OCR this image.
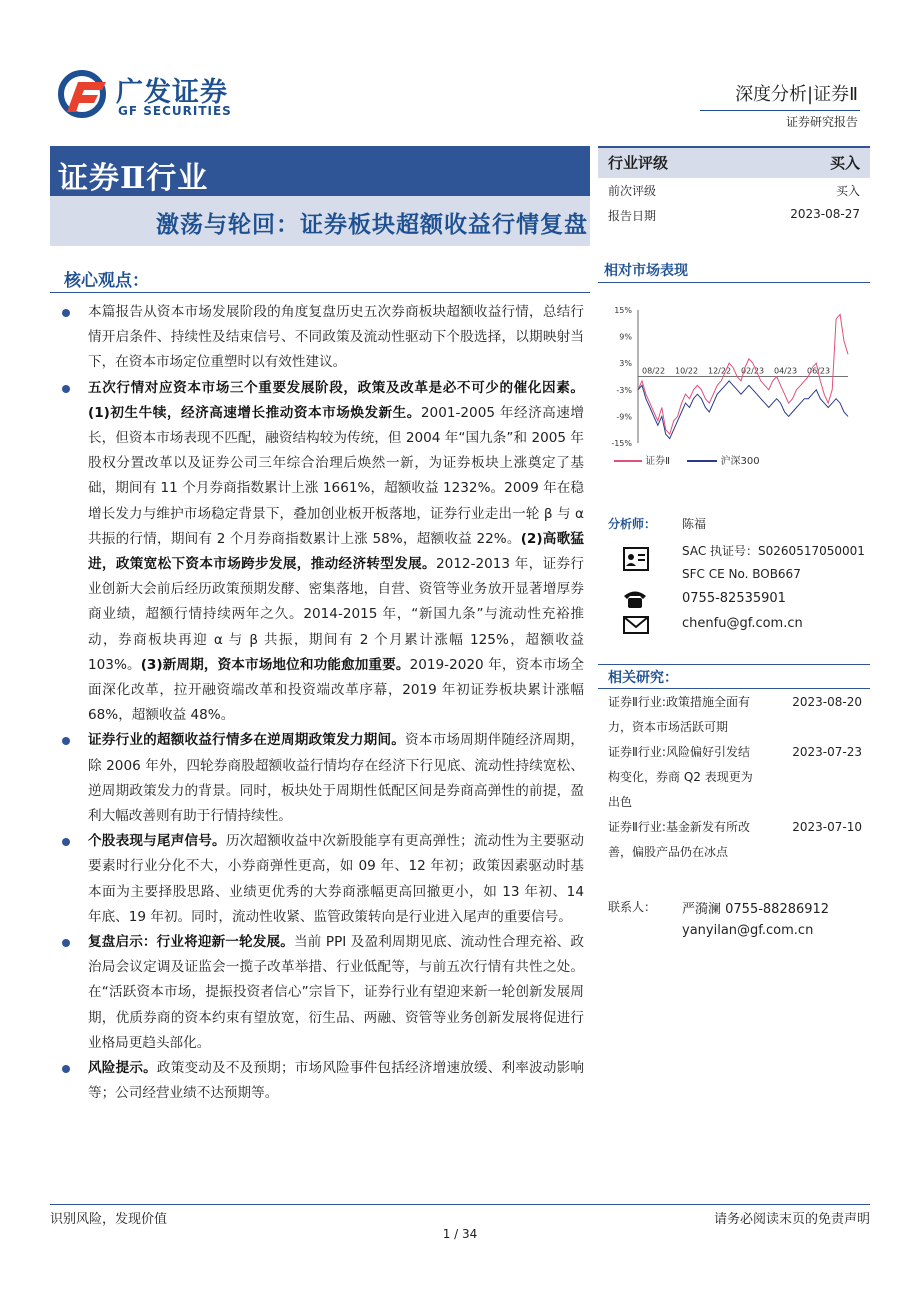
广发证券
GF SECURITIES
深度分析|证券Ⅱ
证券研究报告
证券Ⅱ行业
激荡与轮回：证券板块超额收益行情复盘
行业评级	买入
前次评级	买入
报告日期	2023-08-27
相对市场表现
15%
9%
3%
-3%
-9%
-15%
08/22 10/22 12/22 02/23 04/23 06/23
证券Ⅱ	沪深300
分析师： 陈福
SAC 执证号：S0260517050001
SFC CE No. BOB667
0755-82535901
chenfu@gf.com.cn
相关研究：
证券Ⅱ行业:政策措施全面有
力，资本市场活跃可期
2023-08-20
证券Ⅱ行业:风险偏好引发结
构变化，券商 Q2 表现更为
出色
2023-07-23
证券Ⅱ行业:基金新发有所改
善，偏股产品仍在冰点
2023-07-10
联系人： 严漪澜 0755-88286912
yanyilan@gf.com.cn
核心观点：
本篇报告从资本市场发展阶段的角度复盘历史五次券商板块超额收益行情，总结行情开启条件、持续性及结束信号、不同政策及流动性驱动下个股选择，以期映射当下，在资本市场定位重塑时以有效性建议。
五次行情对应资本市场三个重要发展阶段，政策及改革是必不可少的催化因素。(1)初生牛犊，经济高速增长推动资本市场焕发新生。2001-2005 年经济高速增长，但资本市场表现不匹配，融资结构较为传统，但 2004 年“国九条”和 2005 年股权分置改革以及证券公司三年综合治理后焕然一新，为证券板块上涨奠定了基础，期间有 11 个月券商指数累计上涨 1661%，超额收益 1232%。2009 年在稳增长发力与维护市场稳定背景下，叠加创业板开板落地，证券行业走出一轮 β 与 α 共振的行情，期间有 2 个月券商指数累计上涨 58%，超额收益 22%。(2)高歌猛进，政策宽松下资本市场跨步发展，推动经济转型发展。2012-2013 年，证券行业创新大会前后经历政策预期发酵、密集落地，自营、资管等业务放开显著增厚券商业绩，超额行情持续两年之久。2014-2015 年，“新国九条”与流动性充裕推动，券商板块再迎 α 与 β 共振，期间有 2 个月累计涨幅 125%，超额收益 103%。(3)新周期，资本市场地位和功能愈加重要。2019-2020 年，资本市场全面深化改革，拉开融资端改革和投资端改革序幕，2019 年初证券板块累计涨幅 68%，超额收益 48%。
证券行业的超额收益行情多在逆周期政策发力期间。资本市场周期伴随经济周期，除 2006 年外，四轮券商股超额收益行情均存在经济下行见底、流动性持续宽松、逆周期政策发力的背景。同时，板块处于周期性低配区间是券商高弹性的前提，盈利大幅改善则有助于行情持续性。
个股表现与尾声信号。历次超额收益中次新股能享有更高弹性；流动性为主要驱动要素时行业分化不大，小券商弹性更高，如 09 年、12 年初；政策因素驱动时基本面为主要择股思路、业绩更优秀的大券商涨幅更高回撤更小，如 13 年初、14 年底、19 年初。同时，流动性收紧、监管政策转向是行业进入尾声的重要信号。
复盘启示：行业将迎新一轮发展。当前 PPI 及盈利周期见底、流动性合理充裕、政治局会议定调及证监会一揽子改革举措、行业低配等，与前五次行情有共性之处。在“活跃资本市场，提振投资者信心”宗旨下，证券行业有望迎来新一轮创新发展周期，优质券商的资本约束有望放宽，衍生品、两融、资管等业务创新发展将促进行业格局更趋头部化。
风险提示。政策变动及不及预期；市场风险事件包括经济增速放缓、利率波动影响等；公司经营业绩不达预期等。
识别风险，发现价值	请务必阅读末页的免责声明
1 / 34
